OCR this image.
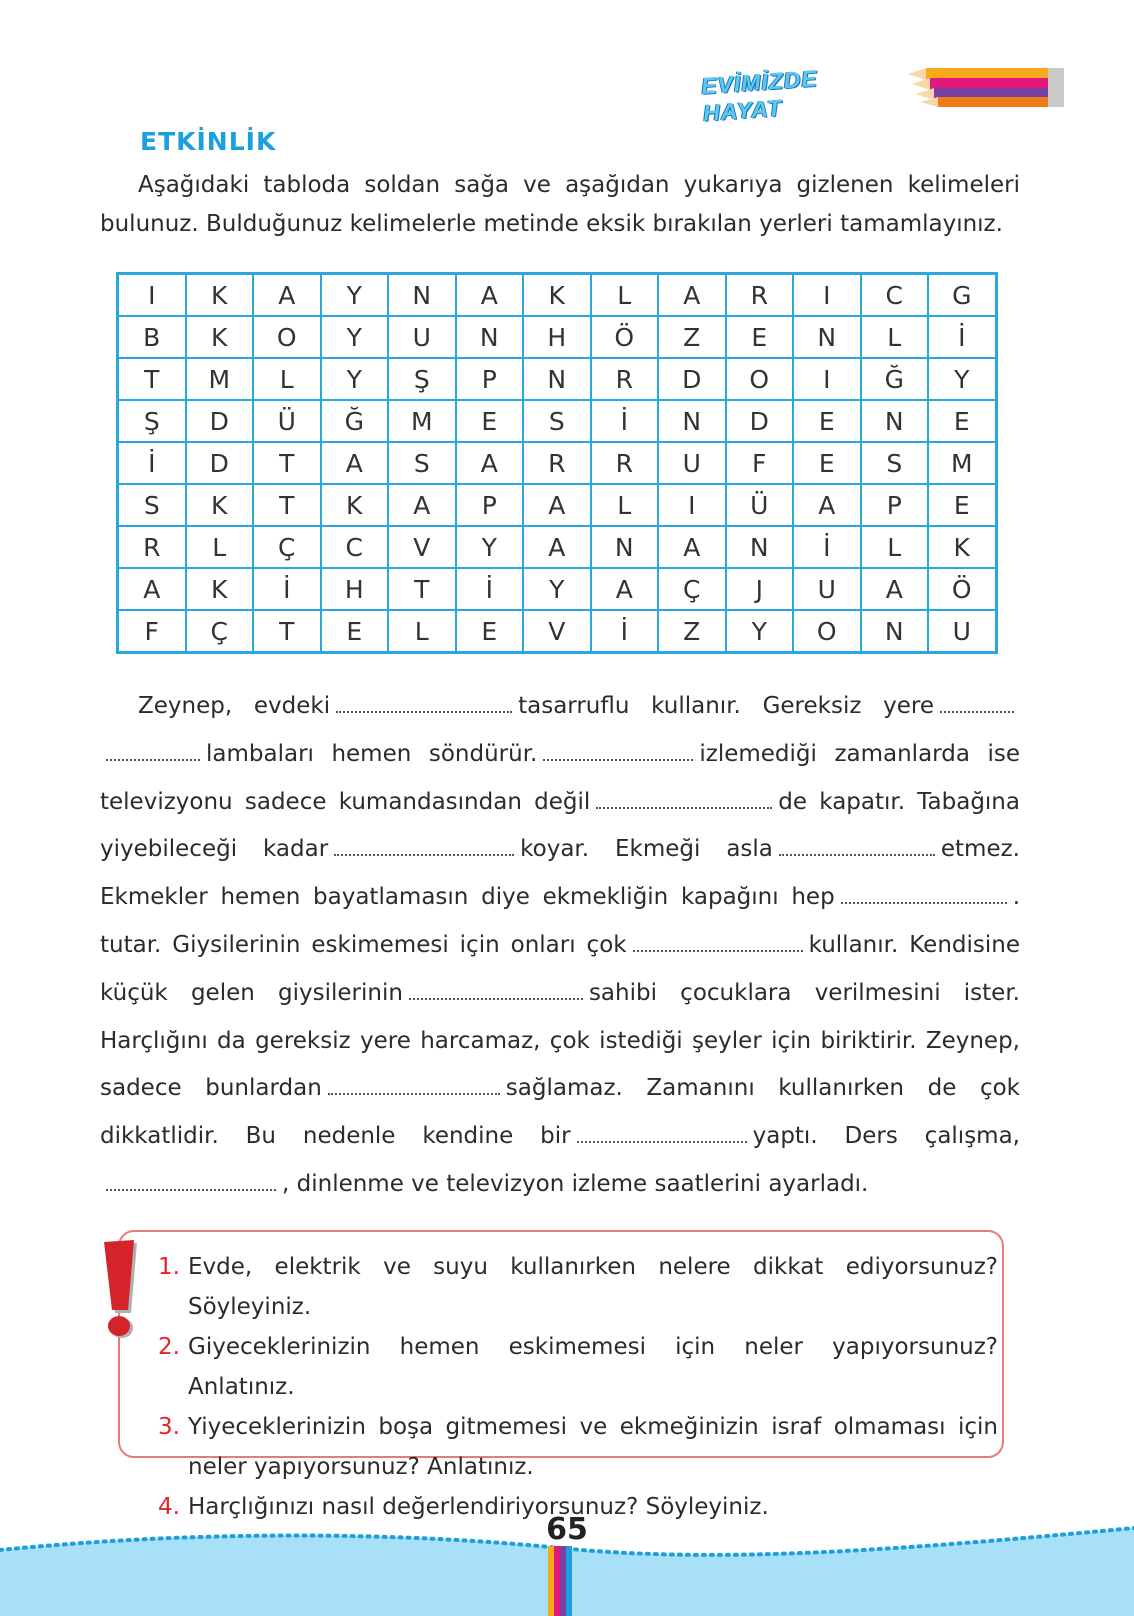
EVİMİZDE HAYAT
ETKİNLİK
Aşağıdaki tabloda soldan sağa ve aşağıdan yukarıya gizlenen kelimeleri bulunuz. Bulduğunuz kelimelerle metinde eksik bırakılan yerleri tamamlayınız.
I	K	A	Y	N	A	K	L	A	R	I	C	G
B	K	O	Y	U	N	H	Ö	Z	E	N	L	İ
T	M	L	Y	Ş	P	N	R	D	O	I	Ğ	Y
Ş	D	Ü	Ğ	M	E	S	İ	N	D	E	N	E
İ	D	T	A	S	A	R	R	U	F	E	S	M
S	K	T	K	A	P	A	L	I	Ü	A	P	E
R	L	Ç	C	V	Y	A	N	A	N	İ	L	K
A	K	İ	H	T	İ	Y	A	Ç	J	U	A	Ö
F	Ç	T	E	L	E	V	İ	Z	Y	O	N	U

Zeynep, evdeki	tasarruflu kullanır. Gereksiz yerelambaları hemen söndürür.	izlemediği zamanlarda ise televizyonu sadece kumandasından değil	de kapatır. Tabağına yiyebileceği kadar	koyar. Ekmeği asla	etmez. Ekmekler hemen bayatlamasın diye ekmekliğin kapağını hep	. tutar. Giysilerinin eskimemesi için onları çok	kullanır. Kendisine küçük gelen giysilerinin	sahibi çocuklara verilmesini ister. Harçlığını da gereksiz yere harcamaz, çok istediği şeyler için biriktirir. Zeynep, sadece bunlardan	sağlamaz. Zamanını kullanırken de çok dikkatlidir. Bu nedenle kendine bir	yaptı. Ders çalışma,, dinlenme ve televizyon izleme saatlerini ayarladı.

1. Evde, elektrik ve suyu kullanırken nelere dikkat ediyorsunuz? Söyleyiniz.
2. Giyeceklerinizin hemen eskimemesi için neler yapıyorsunuz? Anlatınız.
3. Yiyeceklerinizin boşa gitmemesi ve ekmeğinizin israf olmaması için neler yapıyorsunuz? Anlatınız.
4. Harçlığınızı nasıl değerlendiriyorsunuz? Söyleyiniz.
65
